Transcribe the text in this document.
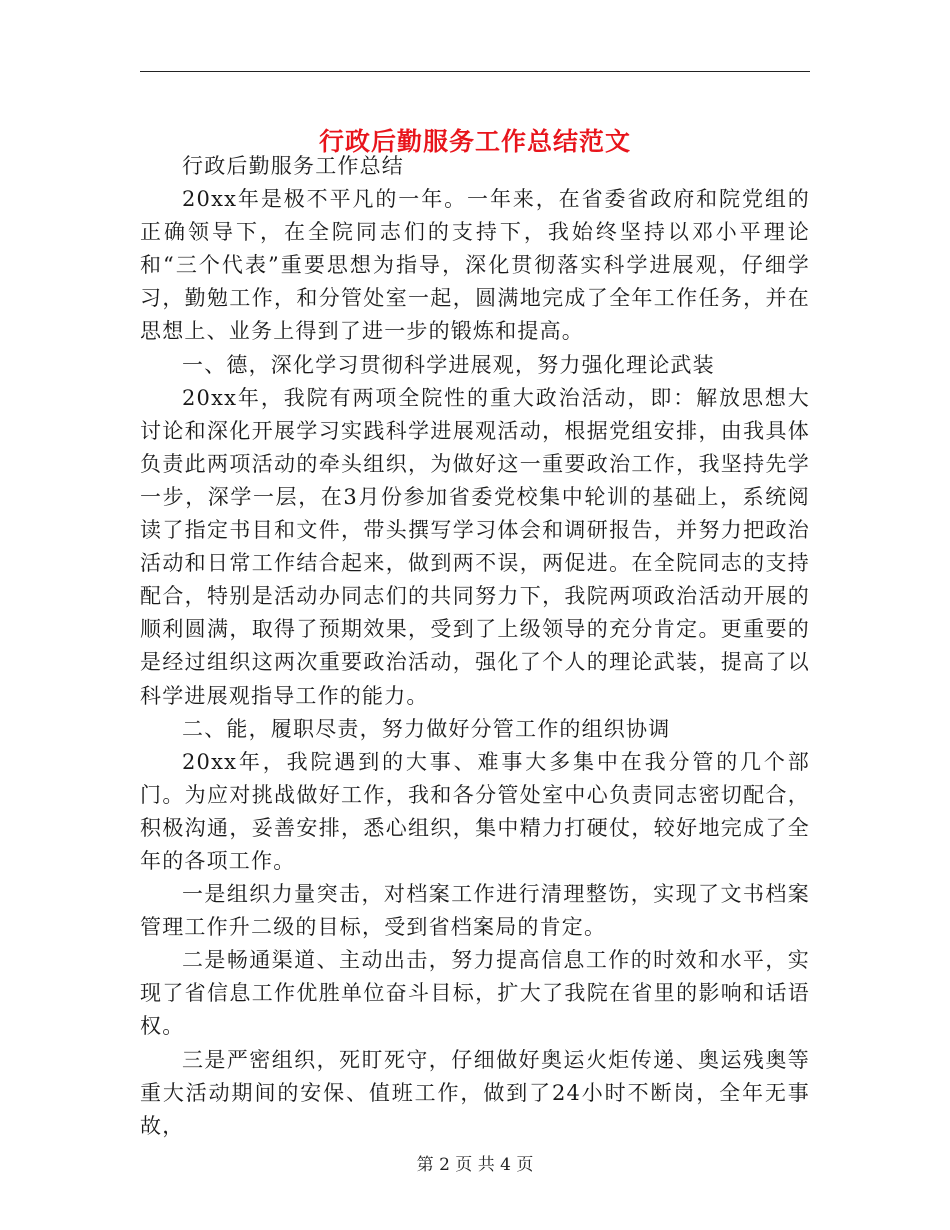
行政后勤服务工作总结范文

行政后勤服务工作总结

20xx年是极不平凡的一年。一年来，在省委省政府和院党组的正确领导下，在全院同志们的支持下，我始终坚持以邓小平理论和“三个代表”重要思想为指导，深化贯彻落实科学进展观，仔细学习，勤勉工作，和分管处室一起，圆满地完成了全年工作任务，并在思想上、业务上得到了进一步的锻炼和提高。

一、德，深化学习贯彻科学进展观，努力强化理论武装

20xx年，我院有两项全院性的重大政治活动，即：解放思想大讨论和深化开展学习实践科学进展观活动，根据党组安排，由我具体负责此两项活动的牵头组织，为做好这一重要政治工作，我坚持先学一步，深学一层，在3月份参加省委党校集中轮训的基础上，系统阅读了指定书目和文件，带头撰写学习体会和调研报告，并努力把政治活动和日常工作结合起来，做到两不误，两促进。在全院同志的支持配合，特别是活动办同志们的共同努力下，我院两项政治活动开展的顺利圆满，取得了预期效果，受到了上级领导的充分肯定。更重要的是经过组织这两次重要政治活动，强化了个人的理论武装，提高了以科学进展观指导工作的能力。

二、能，履职尽责，努力做好分管工作的组织协调

20xx年，我院遇到的大事、难事大多集中在我分管的几个部门。为应对挑战做好工作，我和各分管处室中心负责同志密切配合，积极沟通，妥善安排，悉心组织，集中精力打硬仗，较好地完成了全年的各项工作。

一是组织力量突击，对档案工作进行清理整饬，实现了文书档案管理工作升二级的目标，受到省档案局的肯定。

二是畅通渠道、主动出击，努力提高信息工作的时效和水平，实现了省信息工作优胜单位奋斗目标，扩大了我院在省里的影响和话语权。

三是严密组织，死盯死守，仔细做好奥运火炬传递、奥运残奥等重大活动期间的安保、值班工作，做到了24小时不断岗，全年无事故，

第 2 页 共 4 页
